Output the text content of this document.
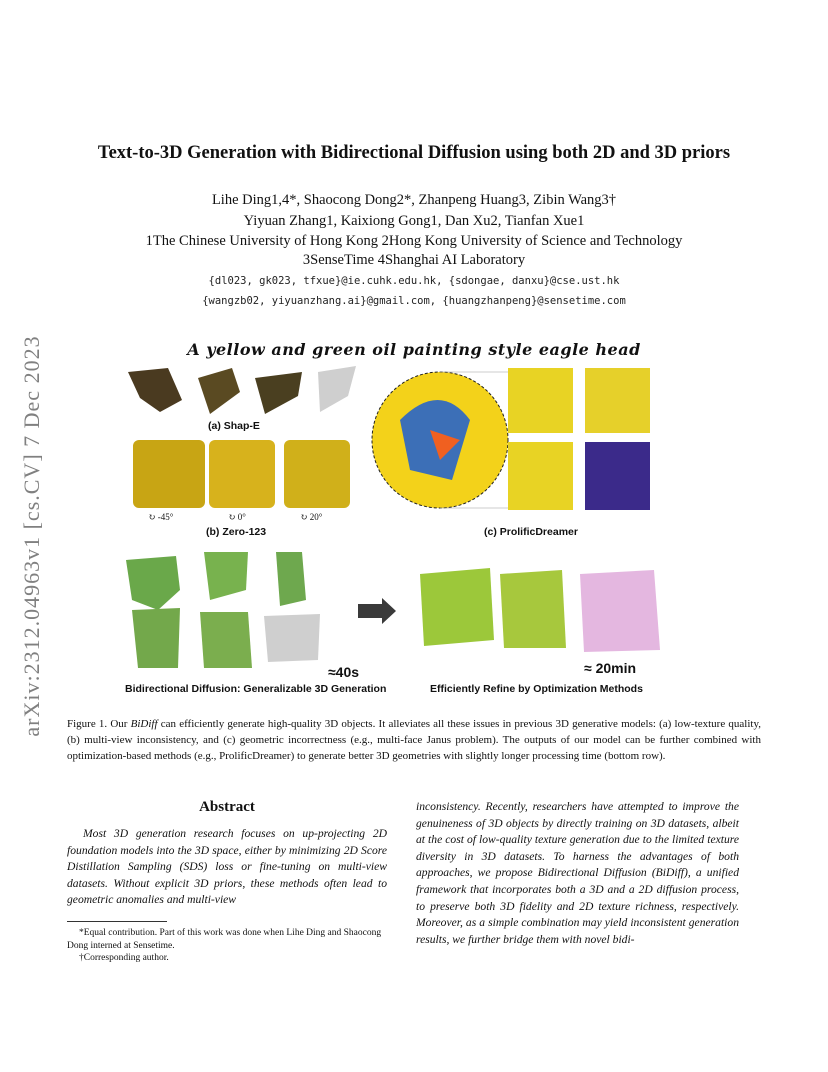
arXiv:2312.04963v1 [cs.CV] 7 Dec 2023
Text-to-3D Generation with Bidirectional Diffusion using both 2D and 3D priors
Lihe Ding1,4*, Shaocong Dong2*, Zhanpeng Huang3, Zibin Wang3†
Yiyuan Zhang1, Kaixiong Gong1, Dan Xu2, Tianfan Xue1
1The Chinese University of Hong Kong 2Hong Kong University of Science and Technology
3SenseTime 4Shanghai AI Laboratory
{dl023, gk023, tfxue}@ie.cuhk.edu.hk, {sdongae, danxu}@cse.ust.hk
{wangzb02, yiyuanzhang.ai}@gmail.com, {huangzhanpeng}@sensetime.com
A yellow and green oil painting style eagle head
(a) Shap-E
↻ -45°	↻ 0°	↻ 20°
(b) Zero-123	(c) ProlificDreamer
≈40s	≈ 20min
Bidirectional Diffusion: Generalizable 3D Generation	Efficiently Refine by Optimization Methods
Figure 1. Our BiDiff can efficiently generate high-quality 3D objects. It alleviates all these issues in previous 3D generative models: (a) low-texture quality, (b) multi-view inconsistency, and (c) geometric incorrectness (e.g., multi-face Janus problem). The outputs of our model can be further combined with optimization-based methods (e.g., ProlificDreamer) to generate better 3D geometries with slightly longer processing time (bottom row).
Abstract
Most 3D generation research focuses on up-projecting 2D foundation models into the 3D space, either by minimizing 2D Score Distillation Sampling (SDS) loss or fine-tuning on multi-view datasets. Without explicit 3D priors, these methods often lead to geometric anomalies and multi-view
inconsistency. Recently, researchers have attempted to improve the genuineness of 3D objects by directly training on 3D datasets, albeit at the cost of low-quality texture generation due to the limited texture diversity in 3D datasets. To harness the advantages of both approaches, we propose Bidirectional Diffusion (BiDiff), a unified framework that incorporates both a 3D and a 2D diffusion process, to preserve both 3D fidelity and 2D texture richness, respectively. Moreover, as a simple combination may yield inconsistent generation results, we further bridge them with novel bidi-
*Equal contribution. Part of this work was done when Lihe Ding and Shaocong Dong interned at Sensetime.
†Corresponding author.
